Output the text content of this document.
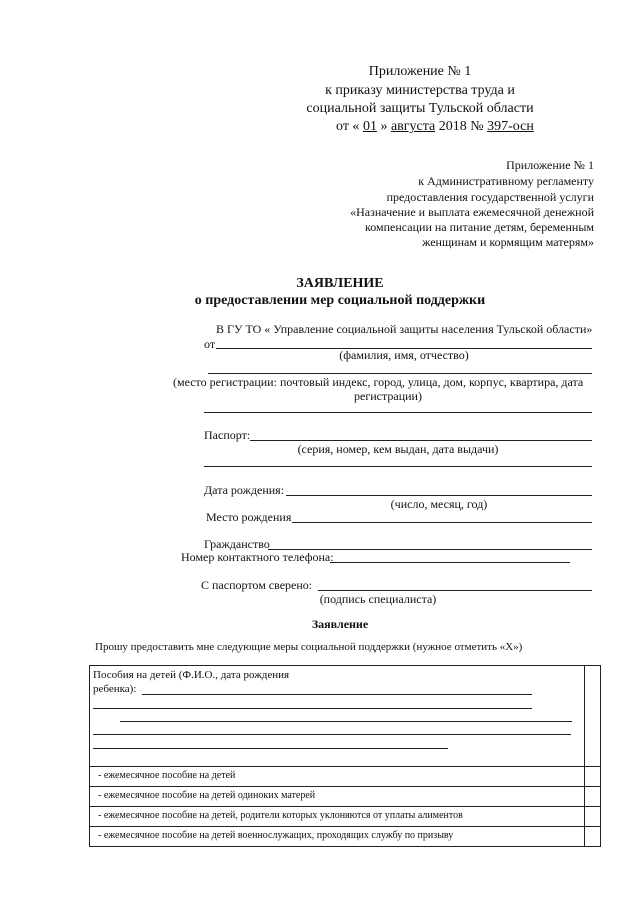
Приложение № 1
к приказу министерства труда и
социальной защиты Тульской области
от « 01 » августа 2018 № 397-осн
Приложение № 1
к Административному регламенту
предоставления государственной услуги
«Назначение и выплата ежемесячной денежной
компенсации на питание детям, беременным
женщинам и кормящим матерям»
ЗАЯВЛЕНИЕ
о предоставлении мер социальной поддержки
В ГУ ТО « Управление социальной защиты населения Тульской области»
от
(фамилия, имя, отчество)
(место регистрации: почтовый индекс, город, улица, дом, корпус, квартира, дата
регистрации)
Паспорт:
(серия, номер, кем выдан, дата выдачи)
Дата рождения:
(число, месяц, год)
Место рождения
Гражданство
Номер контактного телефона:
С паспортом сверено:
(подпись специалиста)
Заявление
Прошу предоставить мне следующие меры социальной поддержки (нужное отметить «Х»)
Пособия на детей (Ф.И.О., дата рождения
ребенка):	

- ежемесячное пособие на детей	
- ежемесячное пособие на детей одиноких матерей	
- ежемесячное пособие на детей, родители которых уклоняются от уплаты алиментов	
- ежемесячное пособие на детей военнослужащих, проходящих службу по призыву	
